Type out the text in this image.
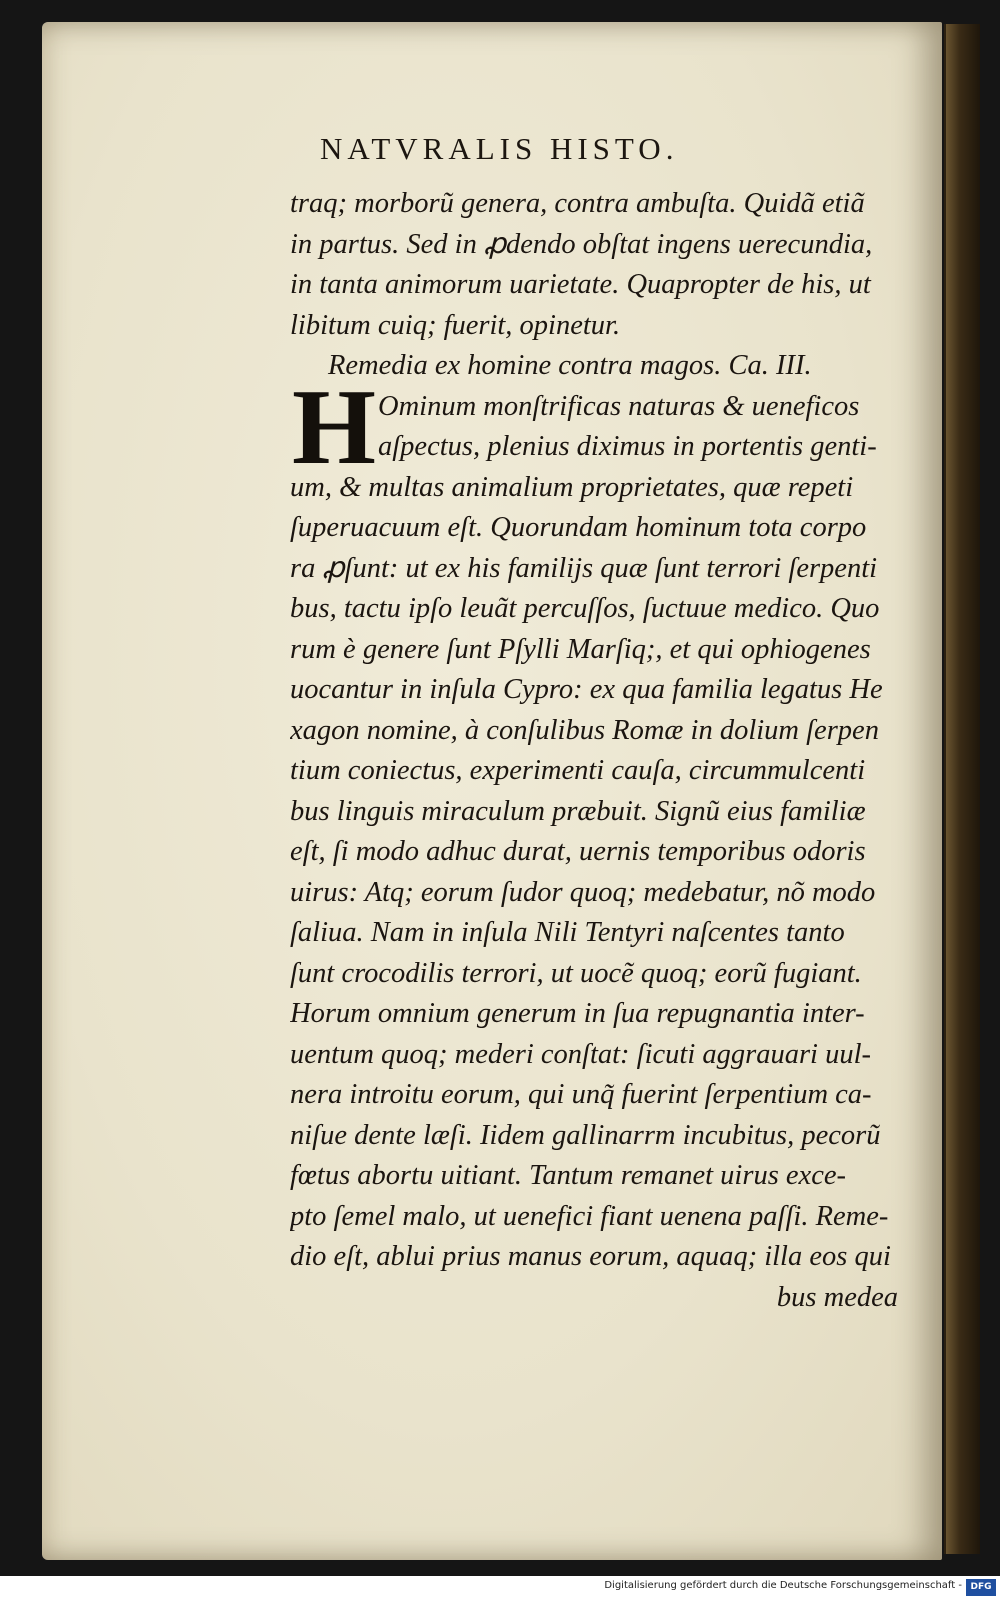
NATVRALIS HISTO.
H
traq; morborũ genera, contra ambuſta. Quidã etiã
in partus. Sed in ꝓdendo obſtat ingens uerecundia,
in tanta animorum uarietate. Quapropter de his, ut
libitum cuiq; fuerit, opinetur.
Remedia ex homine contra magos. Ca. III.
Ominum monſtrificas naturas & ueneficos
aſpectus, plenius diximus in portentis genti-
um, & multas animalium proprietates, quæ repeti
ſuperuacuum eſt. Quorundam hominum tota corpo
ra ꝓſunt: ut ex his familijs quæ ſunt terrori ſerpenti
bus, tactu ipſo leuãt percuſſos, ſuctuue medico. Quo
rum è genere ſunt Pſylli Marſiq;, et qui ophiogenes
uocantur in inſula Cypro: ex qua familia legatus He
xagon nomine, à conſulibus Romæ in dolium ſerpen
tium coniectus, experimenti cauſa, circummulcenti
bus linguis miraculum præbuit. Signũ eius familiæ
eſt, ſi modo adhuc durat, uernis temporibus odoris
uirus: Atq; eorum ſudor quoq; medebatur, nõ modo
ſaliua. Nam in inſula Nili Tentyri naſcentes tanto
ſunt crocodilis terrori, ut uocẽ quoq; eorũ fugiant.
Horum omnium generum in ſua repugnantia inter-
uentum quoq; mederi conſtat: ſicuti aggrauari uul-
nera introitu eorum, qui unq̃ fuerint ſerpentium ca-
niſue dente læſi. Iidem gallinarrm incubitus, pecorũ
fœtus abortu uitiant. Tantum remanet uirus exce-
pto ſemel malo, ut uenefici fiant uenena paſſi. Reme-
dio eſt, ablui prius manus eorum, aquaq; illa eos qui
bus medea
Digitalisierung gefördert durch die Deutsche Forschungsgemeinschaft - DFG
